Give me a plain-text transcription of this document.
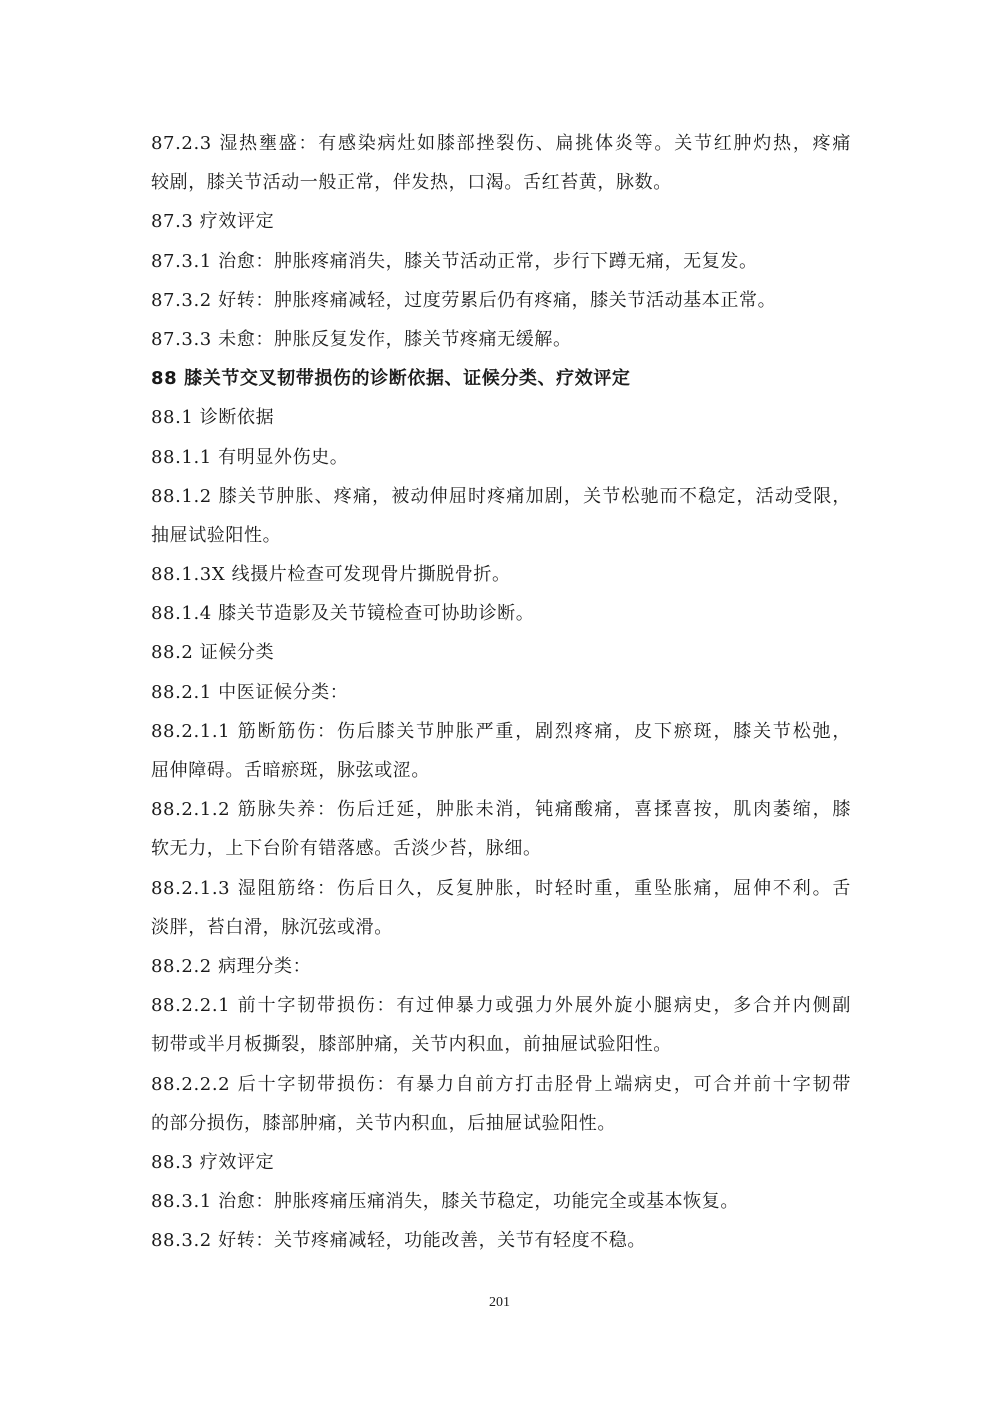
87.2.3 湿热壅盛：有感染病灶如膝部挫裂伤、扁挑体炎等。关节红肿灼热，疼痛
较剧，膝关节活动一般正常，伴发热，口渴。舌红苔黄，脉数。
87.3 疗效评定
87.3.1 治愈：肿胀疼痛消失，膝关节活动正常，步行下蹲无痛，无复发。
87.3.2 好转：肿胀疼痛减轻，过度劳累后仍有疼痛，膝关节活动基本正常。
87.3.3 未愈：肿胀反复发作，膝关节疼痛无缓解。
88 膝关节交叉韧带损伤的诊断依据、证候分类、疗效评定
88.1 诊断依据
88.1.1 有明显外伤史。
88.1.2 膝关节肿胀、疼痛，被动伸屈时疼痛加剧，关节松驰而不稳定，活动受限，
抽屉试验阳性。
88.1.3X 线摄片检查可发现骨片撕脱骨折。
88.1.4 膝关节造影及关节镜检查可协助诊断。
88.2 证候分类
88.2.1 中医证候分类：
88.2.1.1 筋断筋伤：伤后膝关节肿胀严重，剧烈疼痛，皮下瘀斑，膝关节松弛，
屈伸障碍。舌暗瘀斑，脉弦或涩。
88.2.1.2 筋脉失养：伤后迁延，肿胀未消，钝痛酸痛，喜揉喜按，肌肉萎缩，膝
软无力，上下台阶有错落感。舌淡少苔，脉细。
88.2.1.3 湿阻筋络：伤后日久，反复肿胀，时轻时重，重坠胀痛，屈伸不利。舌
淡胖，苔白滑，脉沉弦或滑。
88.2.2 病理分类：
88.2.2.1 前十字韧带损伤：有过伸暴力或强力外展外旋小腿病史，多合并内侧副
韧带或半月板撕裂，膝部肿痛，关节内积血，前抽屉试验阳性。
88.2.2.2 后十字韧带损伤：有暴力自前方打击胫骨上端病史，可合并前十字韧带
的部分损伤，膝部肿痛，关节内积血，后抽屉试验阳性。
88.3 疗效评定
88.3.1 治愈：肿胀疼痛压痛消失，膝关节稳定，功能完全或基本恢复。
88.3.2 好转：关节疼痛减轻，功能改善，关节有轻度不稳。
201
